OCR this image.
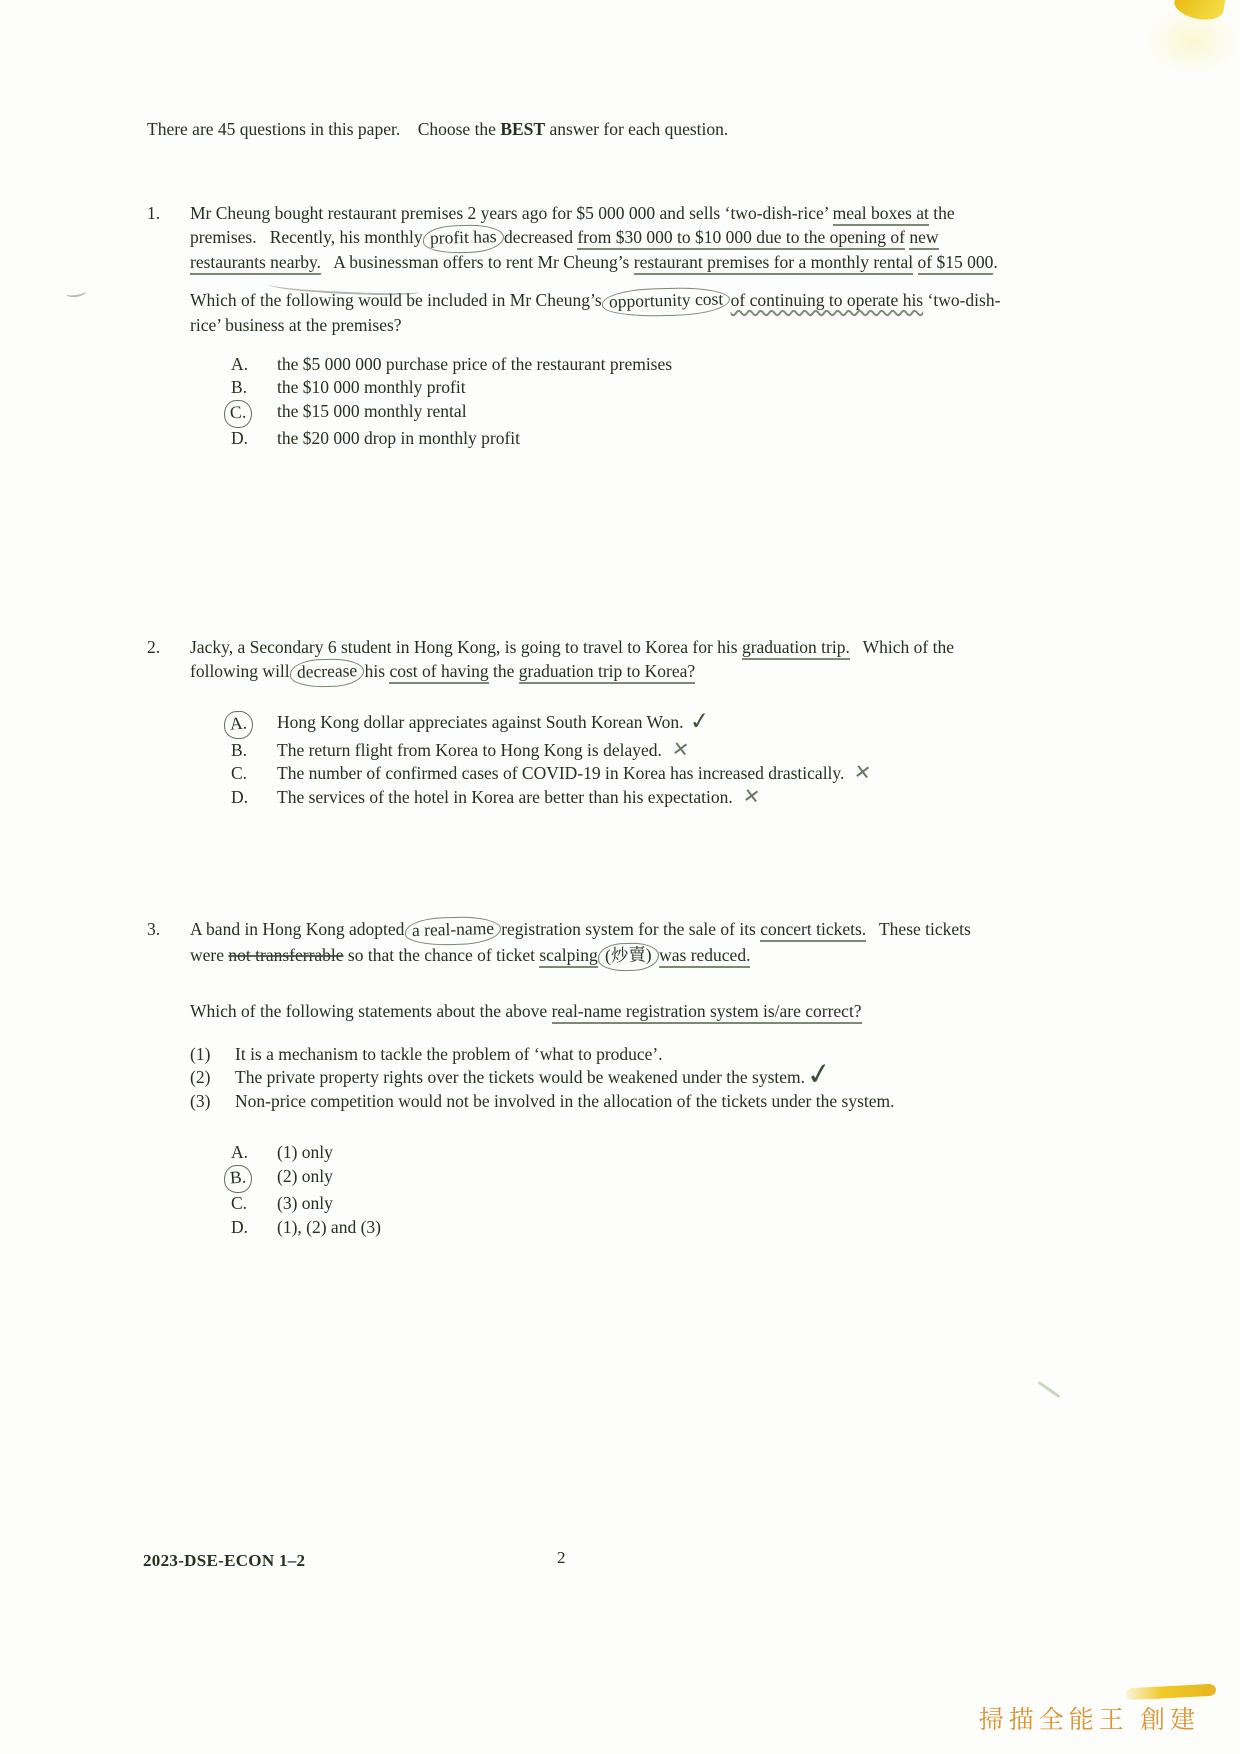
There are 45 questions in this paper.    Choose the BEST answer for each question.

1.	Mr Cheung bought restaurant premises 2 years ago for $5 000 000 and sells ‘two-dish-rice’ meal boxes at the premises.   Recently, his monthly profit has decreased from $30 000 to $10 000 due to the opening of new restaurants nearby.   A businessman offers to rent Mr Cheung’s restaurant premises for a monthly rental of $15 000.

Which of the following would be included in Mr Cheung’s opportunity cost of continuing to operate his ‘two-dish-rice’ business at the premises?

A.	the $5 000 000 purchase price of the restaurant premises
B.	the $10 000 monthly profit
C.	the $15 000 monthly rental
D.	the $20 000 drop in monthly profit
2.	Jacky, a Secondary 6 student in Hong Kong, is going to travel to Korea for his graduation trip.   Which of the following will decrease his cost of having the graduation trip to Korea?

A.	Hong Kong dollar appreciates against South Korean Won. ✓
B.	The return flight from Korea to Hong Kong is delayed. ✕
C.	The number of confirmed cases of COVID-19 in Korea has increased drastically. ✕
D.	The services of the hotel in Korea are better than his expectation. ✕
3.	A band in Hong Kong adopted a real-name registration system for the sale of its concert tickets.   These tickets were not transferrable so that the chance of ticket scalping (炒賣) was reduced.

Which of the following statements about the above real-name registration system is/are correct?

(1)	It is a mechanism to tackle the problem of ‘what to produce’.
(2)	The private property rights over the tickets would be weakened under the system. ✓
(3)	Non-price competition would not be involved in the allocation of the tickets under the system.
A.	(1) only
B.	(2) only
C.	(3) only
D.	(1), (2) and (3)
2023-DSE-ECON 1–2	2
掃描全能王 創建
